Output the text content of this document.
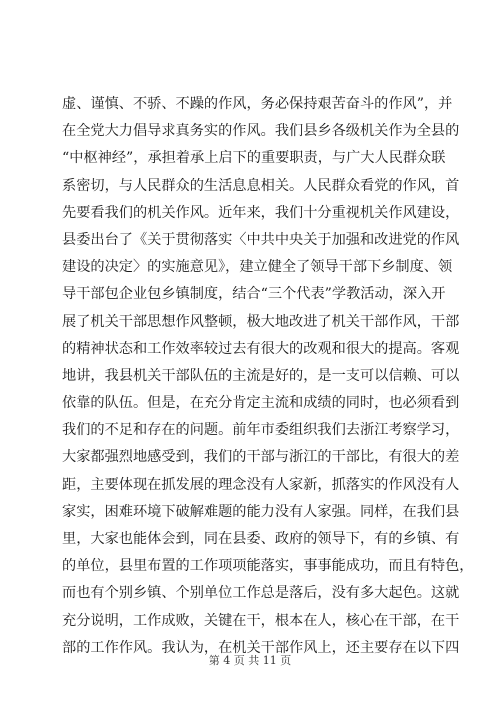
虚、谨慎、不骄、不躁的作风，务必保持艰苦奋斗的作风”，并
在全党大力倡导求真务实的作风。我们县乡各级机关作为全县的
“中枢神经”，承担着承上启下的重要职责，与广大人民群众联
系密切，与人民群众的生活息息相关。人民群众看党的作风，首
先要看我们的机关作风。近年来，我们十分重视机关作风建设，
县委出台了《关于贯彻落实〈中共中央关于加强和改进党的作风
建设的决定〉的实施意见》，建立健全了领导干部下乡制度、领
导干部包企业包乡镇制度，结合“三个代表”学教活动，深入开
展了机关干部思想作风整顿，极大地改进了机关干部作风，干部
的精神状态和工作效率较过去有很大的改观和很大的提高。客观
地讲，我县机关干部队伍的主流是好的，是一支可以信赖、可以
依靠的队伍。但是，在充分肯定主流和成绩的同时，也必须看到
我们的不足和存在的问题。前年市委组织我们去浙江考察学习，
大家都强烈地感受到，我们的干部与浙江的干部比，有很大的差
距，主要体现在抓发展的理念没有人家新，抓落实的作风没有人
家实，困难环境下破解难题的能力没有人家强。同样，在我们县
里，大家也能体会到，同在县委、政府的领导下，有的乡镇、有
的单位，县里布置的工作项项能落实，事事能成功，而且有特色，
而也有个别乡镇、个别单位工作总是落后，没有多大起色。这就
充分说明，工作成败，关键在干，根本在人，核心在干部，在干
部的工作作风。我认为，在机关干部作风上，还主要存在以下四
第 4 页 共 11 页
